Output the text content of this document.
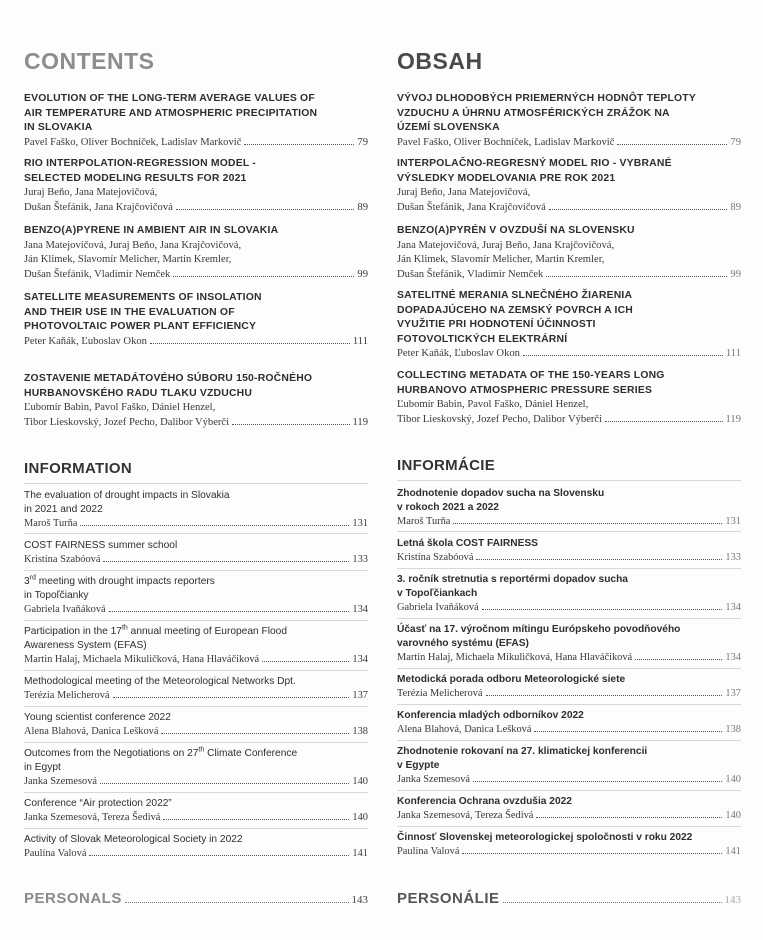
CONTENTS
EVOLUTION OF THE LONG-TERM AVERAGE VALUES OF AIR TEMPERATURE AND ATMOSPHERIC PRECIPITATION IN SLOVAKIA
Pavel Faško, Oliver Bochníček, Ladislav Markovič	79
RIO INTERPOLATION-REGRESSION MODEL - SELECTED MODELING RESULTS FOR 2021
Juraj Beňo, Jana Matejovičová,
Dušan Štefánik, Jana Krajčovičová	89
BENZO(A)PYRENE IN AMBIENT AIR IN SLOVAKIA
Jana Matejovičová, Juraj Beňo, Jana Krajčovičová,
Ján Klimek, Slavomír Melicher, Martin Kremler,
Dušan Štefánik, Vladimír Nemček	99
SATELLITE MEASUREMENTS OF INSOLATION AND THEIR USE IN THE EVALUATION OF PHOTOVOLTAIC POWER PLANT EFFICIENCY
Peter Kaňák, Ľuboslav Okon	111
ZOSTAVENIE METADÁTOVÉHO SÚBORU 150-ROČNÉHO HURBANOVSKÉHO RADU TLAKU VZDUCHU
Ľubomír Babin, Pavol Faško, Dániel Henzel,
Tibor Lieskovský, Jozef Pecho, Dalibor Výberči	119
INFORMATION
The evaluation of drought impacts in Slovakia
in 2021 and 2022
Maroš Turňa	131
COST FAIRNESS summer school
Kristína Szabóová	133
3rd meeting with drought impacts reporters
in Topoľčianky
Gabriela Ivaňáková	134
Participation in the 17th annual meeting of European Flood
Awareness System (EFAS)
Martin Halaj, Michaela Mikuličková, Hana Hlaváčiková	134
Methodological meeting of the Meteorological Networks Dpt.
Terézia Melicherová	137
Young scientist conference 2022
Alena Blahová, Danica Lešková	138
Outcomes from the Negotiations on 27th Climate Conference
in Egypt
Janka Szemesová	140
Conference “Air protection 2022”
Janka Szemesová, Tereza Šedivá	140
Activity of Slovak Meteorological Society in 2022
Paulína Valová	141
PERSONALS	143
OBSAH
VÝVOJ DLHODOBÝCH PRIEMERNÝCH HODNÔT TEPLOTY VZDUCHU A ÚHRNU ATMOSFÉRICKÝCH ZRÁŽOK NA ÚZEMÍ SLOVENSKA
Pavel Faško, Oliver Bochníček, Ladislav Markovič	79
INTERPOLAČNO-REGRESNÝ MODEL RIO - VYBRANÉ VÝSLEDKY MODELOVANIA PRE ROK 2021
Juraj Beňo, Jana Matejovičová,
Dušan Štefánik, Jana Krajčovičová	89
BENZO(A)PYRÉN V OVZDUŠÍ NA SLOVENSKU
Jana Matejovičová, Juraj Beňo, Jana Krajčovičová,
Ján Klimek, Slavomír Melicher, Martin Kremler,
Dušan Štefánik, Vladimír Nemček	99
SATELITNÉ MERANIA SLNEČNÉHO ŽIARENIA DOPADAJÚCEHO NA ZEMSKÝ POVRCH A ICH VYUŽITIE PRI HODNOTENÍ ÚČINNOSTI FOTOVOLTICKÝCH ELEKTRÁRNÍ
Peter Kaňák, Ľuboslav Okon	111
COLLECTING METADATA OF THE 150-YEARS LONG HURBANOVO ATMOSPHERIC PRESSURE SERIES
Ľubomír Babin, Pavol Faško, Dániel Henzel,
Tibor Lieskovský, Jozef Pecho, Dalibor Výberči	119
INFORMÁCIE
Zhodnotenie dopadov sucha na Slovensku
v rokoch 2021 a 2022
Maroš Turňa	131
Letná škola COST FAIRNESS
Kristína Szabóová	133
3. ročník stretnutia s reportérmi dopadov sucha
v Topoľčiankach
Gabriela Ivaňáková	134
Účasť na 17. výročnom mítingu Európskeho povodňového
varovného systému (EFAS)
Martin Halaj, Michaela Mikuličková, Hana Hlaváčiková	134
Metodická porada odboru Meteorologické siete
Terézia Melicherová	137
Konferencia mladých odborníkov 2022
Alena Blahová, Danica Lešková	138
Zhodnotenie rokovaní na 27. klimatickej konferencii
v Egypte
Janka Szemesová	140
Konferencia Ochrana ovzdušia 2022
Janka Szemesová, Tereza Šedivá	140
Činnosť Slovenskej meteorologickej spoločnosti v roku 2022
Paulína Valová	141
PERSONÁLIE	143
